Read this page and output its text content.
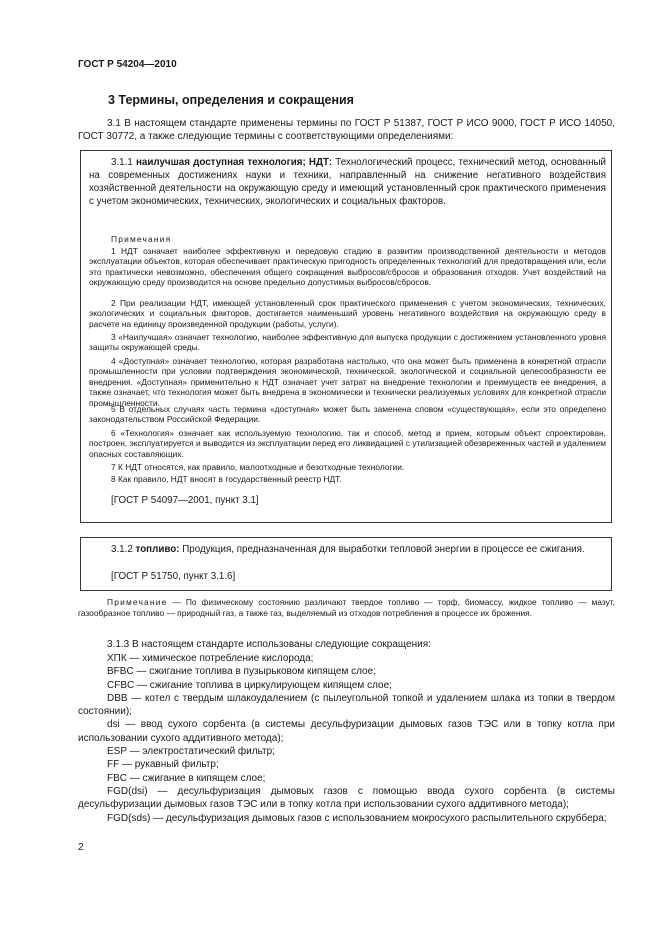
ГОСТ Р 54204—2010
3 Термины, определения и сокращения

3.1 В настоящем стандарте применены термины по ГОСТ Р 51387, ГОСТ Р ИСО 9000, ГОСТ Р ИСО 14050, ГОСТ 30772, а также следующие термины с соответствующими определениями:

3.1.1 наилучшая доступная технология; НДТ: Технологический процесс, технический метод, основанный на современных достижениях науки и техники, направленный на снижение негативного воздействия хозяйственной деятельности на окружающую среду и имеющий установленный срок практического применения с учетом экономических, технических, экологических и социальных факторов.

Примечания

1 НДТ означает наиболее эффективную и передовую стадию в развитии производственной деятельности и методов эксплуатации объектов, которая обеспечивает практическую пригодность определенных технологий для предотвращения или, если это практически невозможно, обеспечения общего сокращения выбросов/сбросов и образования отходов. Учет воздействий на окружающую среду производится на основе предельно допустимых выбросов/сбросов.

2 При реализации НДТ, имеющей установленный срок практического применения с учетом экономических, технических, экологических и социальных факторов, достигается наименьший уровень негативного воздействия на окружающую среду в расчете на единицу произведенной продукции (работы, услуги).

3 «Наилучшая» означает технологию, наиболее эффективную для выпуска продукции с достижением установленного уровня защиты окружающей среды.

4 «Доступная» означает технологию, которая разработана настолько, что она может быть применена в конкретной отрасли промышленности при условии подтверждения экономической, технической, экологической и социальной целесообразности ее внедрения. «Доступная» применительно к НДТ означает учет затрат на внедрение технологии и преимуществ ее внедрения, а также означает, что технология может быть внедрена в экономически и технически реализуемых условиях для конкретной отрасли промышленности.

5 В отдельных случаях часть термина «доступная» может быть заменена словом «существующая», если это определено законодательством Российской Федерации.

6 «Технология» означает как используемую технологию, так и способ, метод и прием, которым объект спроектирован, построен, эксплуатируется и выводится из эксплуатации перед его ликвидацией с утилизацией обезвреженных частей и удалением опасных составляющих.

7 К НДТ относятся, как правило, малоотходные и безотходные технологии.

8 Как правило, НДТ вносят в государственный реестр НДТ.

[ГОСТ Р 54097—2001, пункт 3.1]

3.1.2 топливо: Продукция, предназначенная для выработки тепловой энергии в процессе ее сжигания.

[ГОСТ Р 51750, пункт 3.1.6]

Примечание — По физическому состоянию различают твердое топливо — торф, биомассу, жидкое топливо — мазут, газообразное топливо — природный газ, а также газ, выделяемый из отходов потребления в процессе их брожения.

3.1.3 В настоящем стандарте использованы следующие сокращения:

ХПК — химическое потребление кислорода;
BFBC — сжигание топлива в пузырьковом кипящем слое;
CFBC — сжигание топлива в циркулирующем кипящем слое;
DBB — котел с твердым шлакоудалением (с пылеугольной топкой и удалением шлака из топки в твердом состоянии);
dsi — ввод сухого сорбента (в системы десульфуризации дымовых газов ТЭС или в топку котла при использовании сухого аддитивного метода);
ESP — электростатический фильтр;
FF — рукавный фильтр;
FBC — сжигание в кипящем слое;
FGD(dsi) — десульфуризация дымовых газов с помощью ввода сухого сорбента (в системы десульфуризации дымовых газов ТЭС или в топку котла при использовании сухого аддитивного метода);
FGD(sds) — десульфуризация дымовых газов с использованием мокросухого распылительного скруббера;
2
